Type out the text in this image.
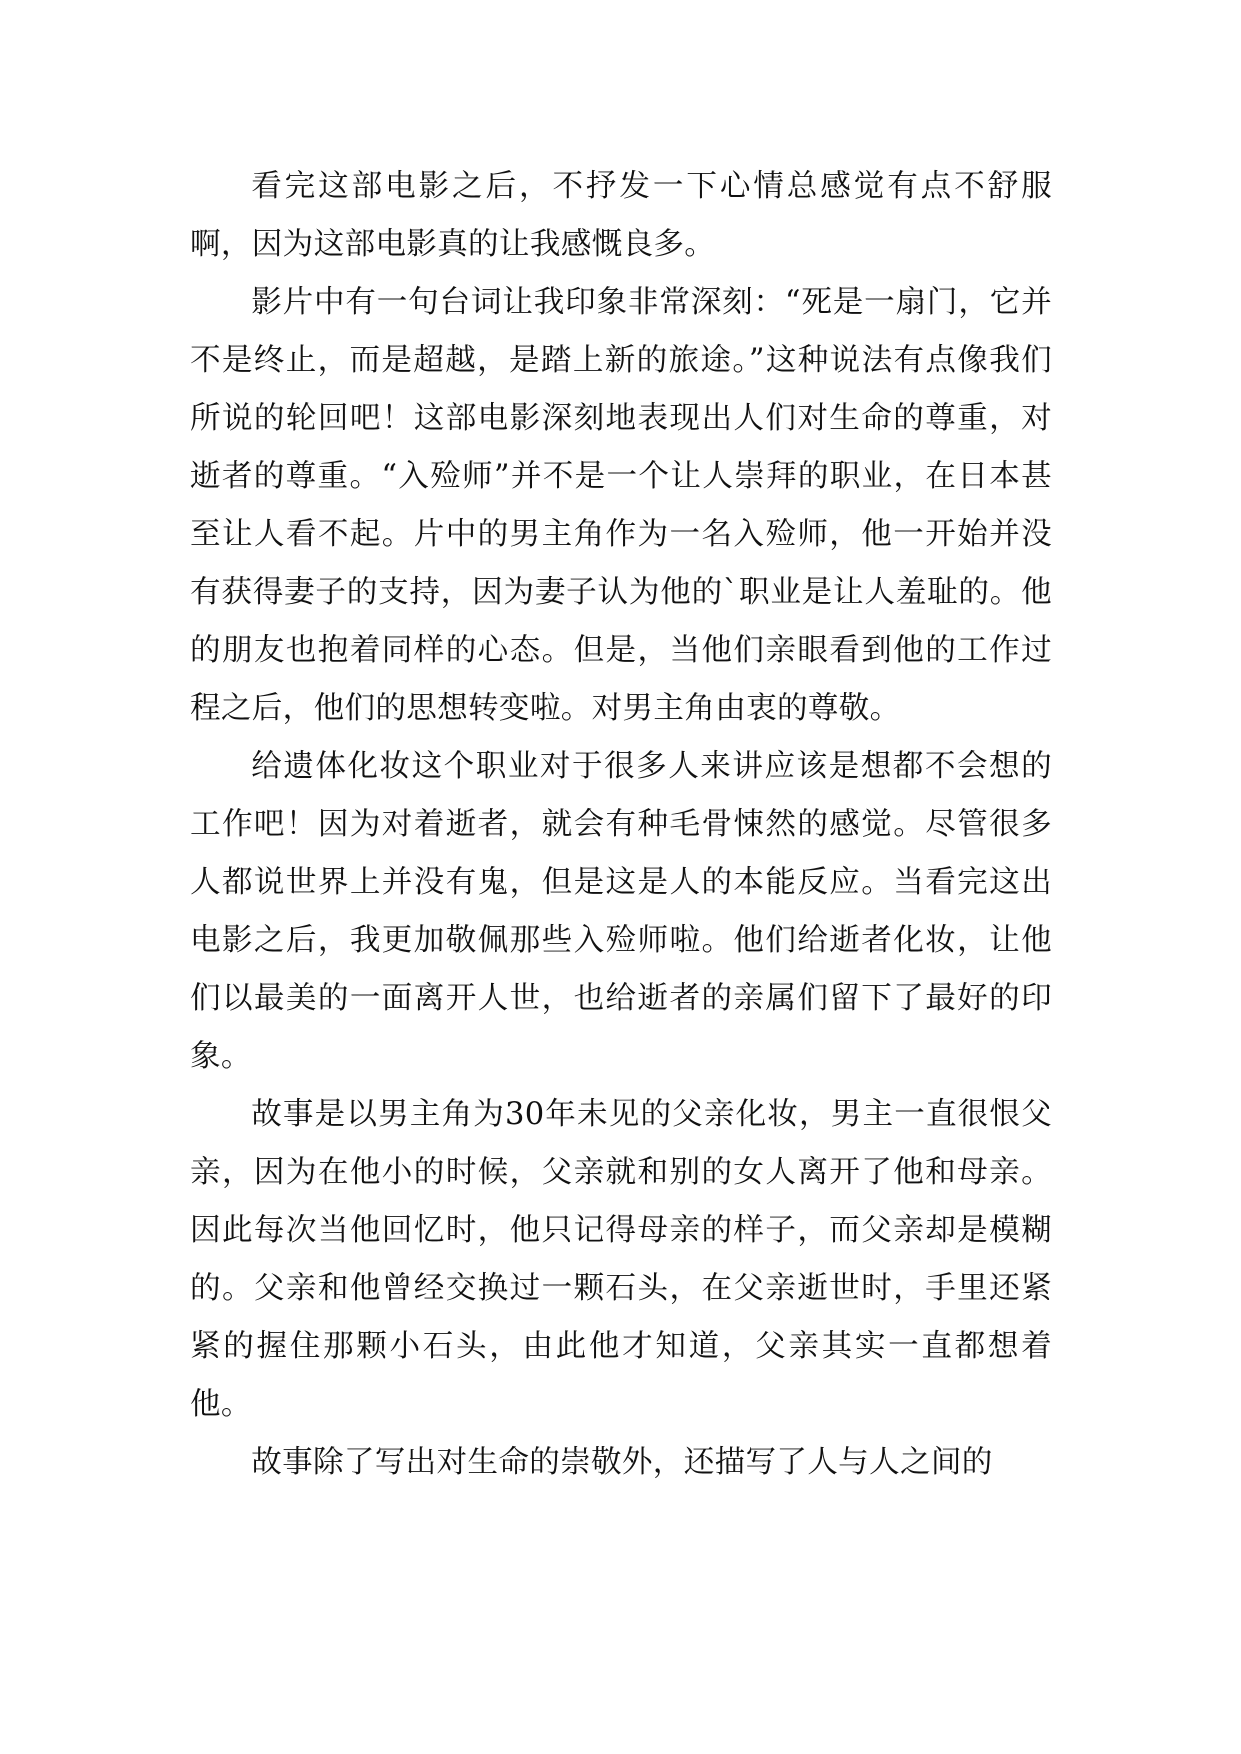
看完这部电影之后，不抒发一下心情总感觉有点不舒服啊，因为这部电影真的让我感慨良多。

影片中有一句台词让我印象非常深刻：“死是一扇门，它并不是终止，而是超越，是踏上新的旅途。”这种说法有点像我们所说的轮回吧！这部电影深刻地表现出人们对生命的尊重，对逝者的尊重。“入殓师”并不是一个让人崇拜的职业，在日本甚至让人看不起。片中的男主角作为一名入殓师，他一开始并没有获得妻子的支持，因为妻子认为他的`职业是让人羞耻的。他的朋友也抱着同样的心态。但是，当他们亲眼看到他的工作过程之后，他们的思想转变啦。对男主角由衷的尊敬。

给遗体化妆这个职业对于很多人来讲应该是想都不会想的工作吧！因为对着逝者，就会有种毛骨悚然的感觉。尽管很多人都说世界上并没有鬼，但是这是人的本能反应。当看完这出电影之后，我更加敬佩那些入殓师啦。他们给逝者化妆，让他们以最美的一面离开人世，也给逝者的亲属们留下了最好的印象。

故事是以男主角为30年未见的父亲化妆，男主一直很恨父亲，因为在他小的时候，父亲就和别的女人离开了他和母亲。因此每次当他回忆时，他只记得母亲的样子，而父亲却是模糊的。父亲和他曾经交换过一颗石头，在父亲逝世时，手里还紧紧的握住那颗小石头，由此他才知道，父亲其实一直都想着他。

故事除了写出对生命的崇敬外，还描写了人与人之间的
